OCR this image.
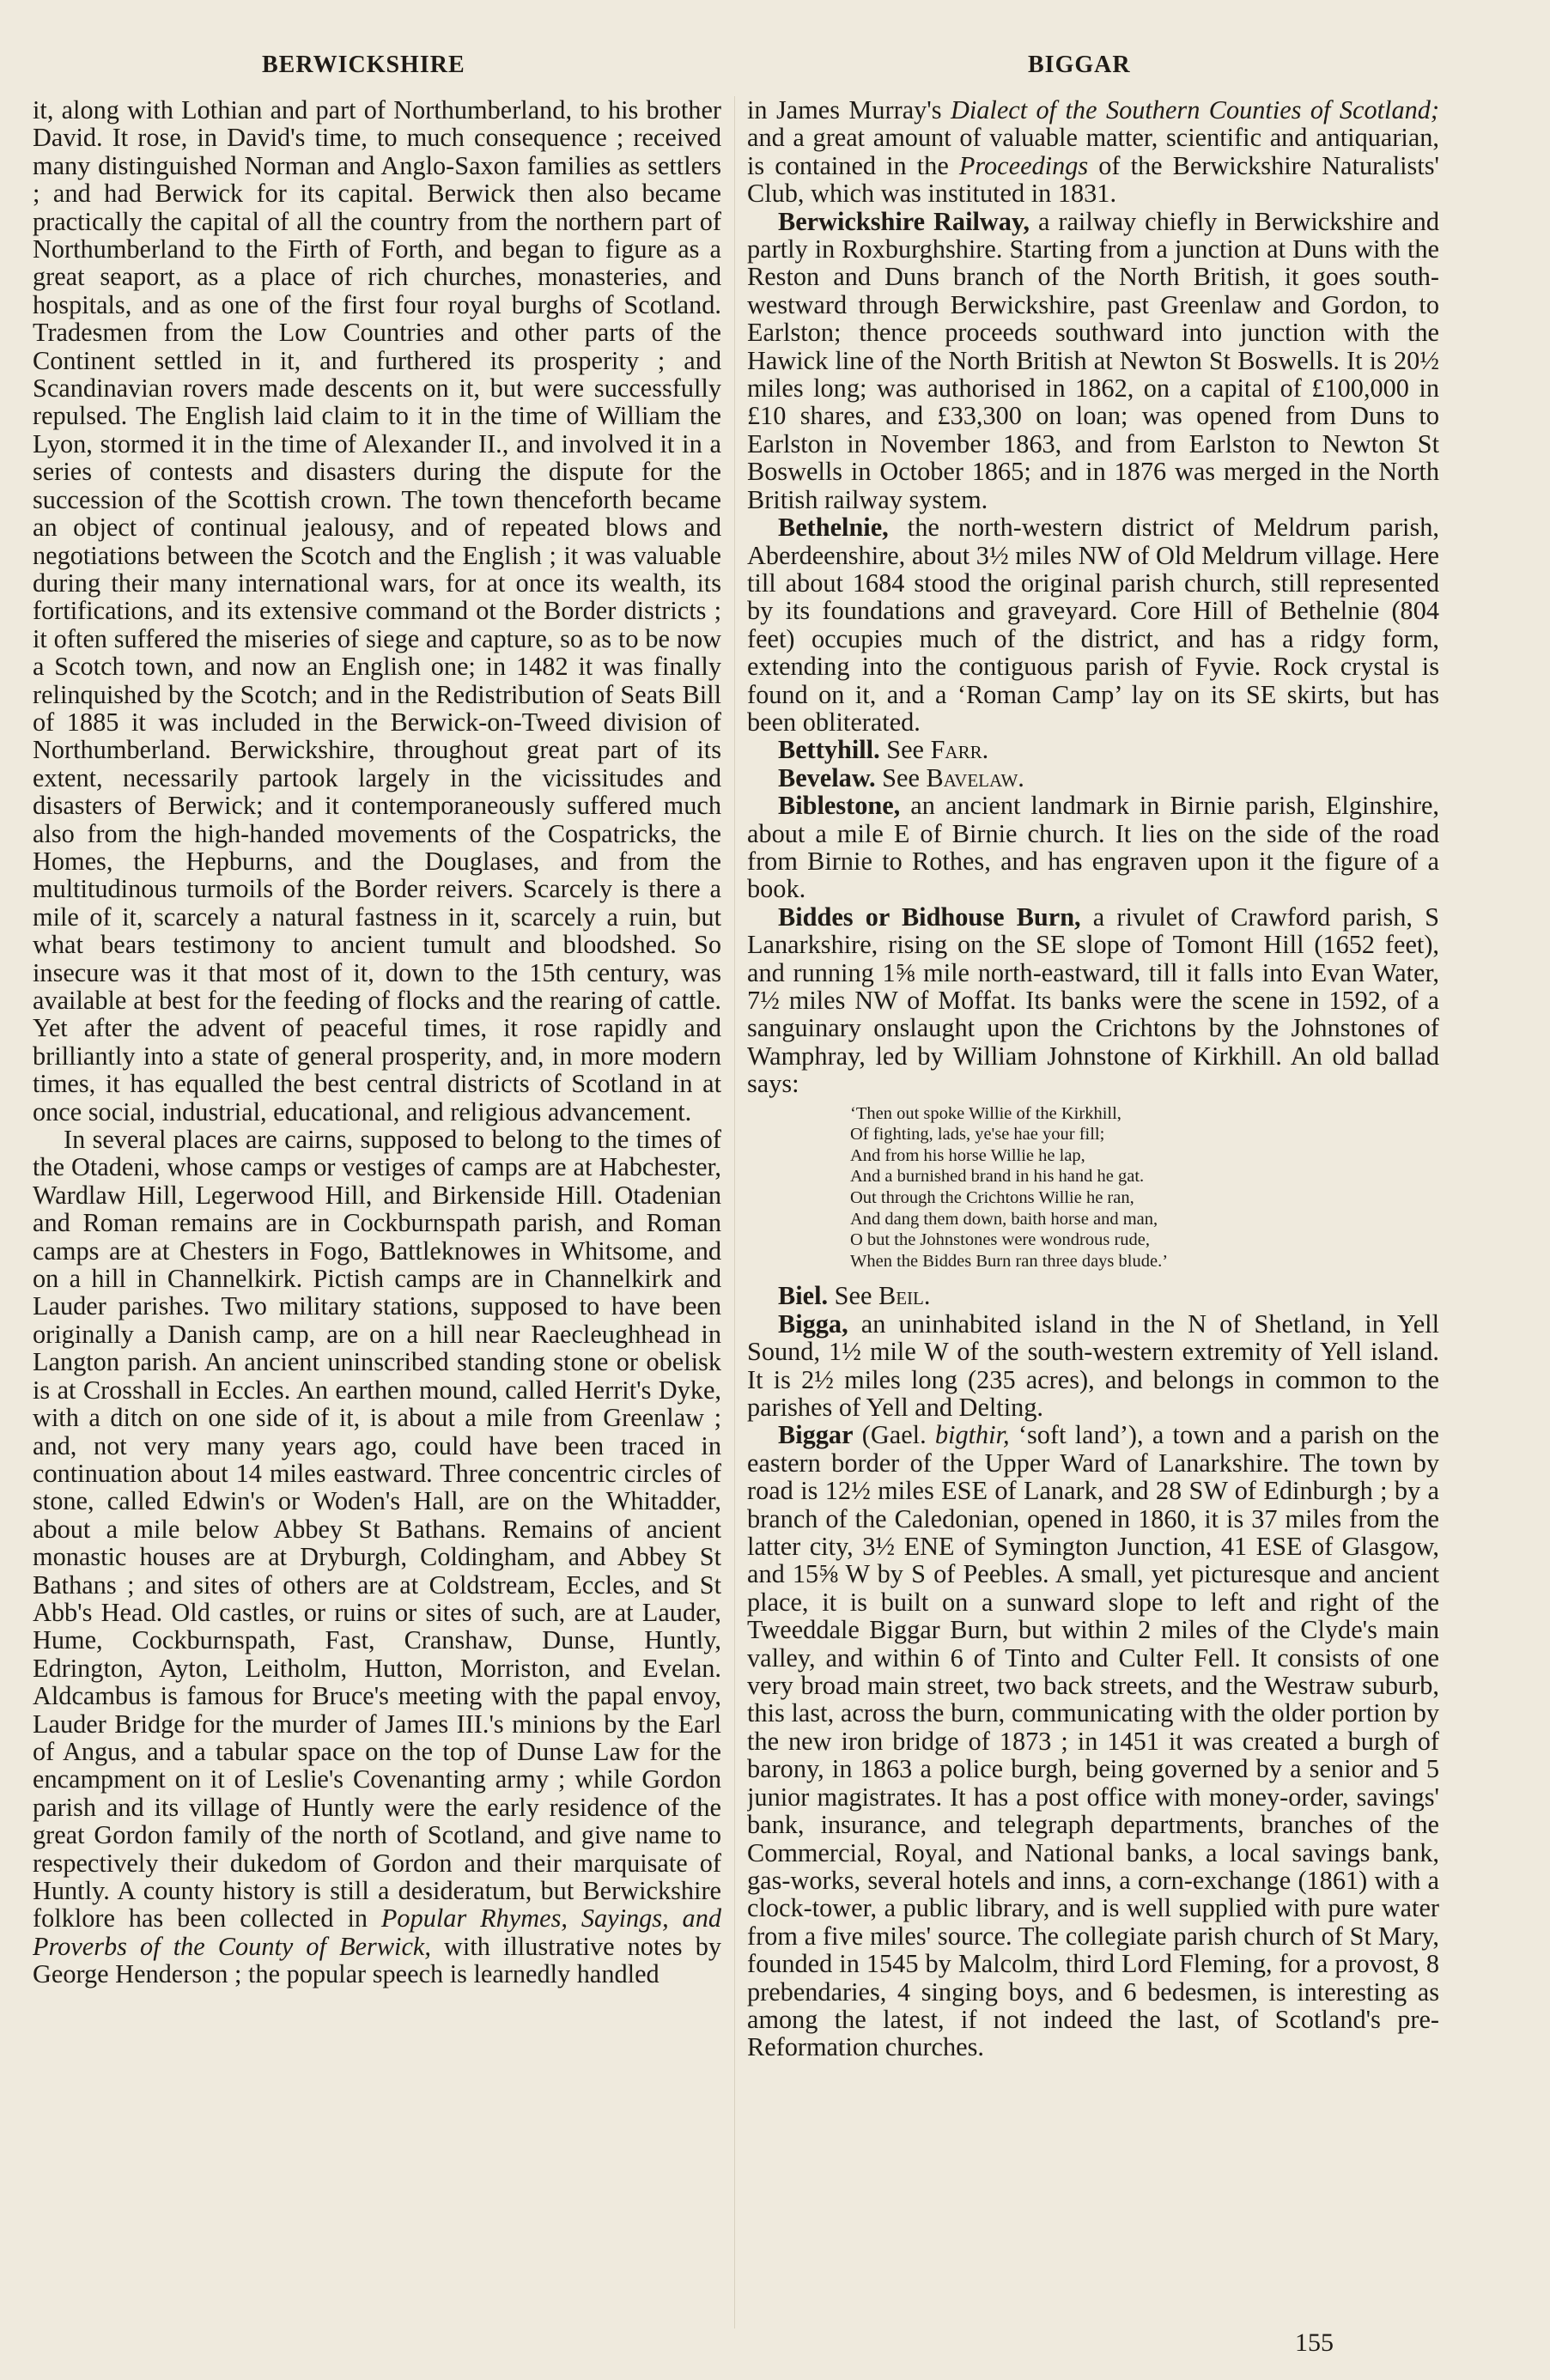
BERWICKSHIRE	BIGGAR

it, along with Lothian and part of Northumberland, to his brother David. It rose, in David's time, to much consequence ; received many distinguished Norman and Anglo-Saxon families as settlers ; and had Berwick for its capital. Berwick then also became practically the capital of all the country from the northern part of Northumberland to the Firth of Forth, and began to figure as a great seaport, as a place of rich churches, monasteries, and hospitals, and as one of the first four royal burghs of Scotland. Tradesmen from the Low Countries and other parts of the Continent settled in it, and furthered its prosperity ; and Scandinavian rovers made descents on it, but were successfully repulsed. The English laid claim to it in the time of William the Lyon, stormed it in the time of Alexander II., and involved it in a series of contests and disasters during the dispute for the succession of the Scottish crown. The town thenceforth became an object of continual jealousy, and of repeated blows and negotiations between the Scotch and the English ; it was valuable during their many international wars, for at once its wealth, its fortifications, and its extensive command ot the Border districts ; it often suffered the miseries of siege and capture, so as to be now a Scotch town, and now an English one; in 1482 it was finally relinquished by the Scotch; and in the Redistribution of Seats Bill of 1885 it was included in the Berwick-on-Tweed division of Northumberland. Berwickshire, throughout great part of its extent, necessarily partook largely in the vicissitudes and disasters of Berwick; and it contemporaneously suffered much also from the high-handed movements of the Cospatricks, the Homes, the Hepburns, and the Douglases, and from the multitudinous turmoils of the Border reivers. Scarcely is there a mile of it, scarcely a natural fastness in it, scarcely a ruin, but what bears testimony to ancient tumult and bloodshed. So insecure was it that most of it, down to the 15th century, was available at best for the feeding of flocks and the rearing of cattle. Yet after the advent of peaceful times, it rose rapidly and brilliantly into a state of general prosperity, and, in more modern times, it has equalled the best central districts of Scotland in at once social, industrial, educational, and religious advancement.

In several places are cairns, supposed to belong to the times of the Otadeni, whose camps or vestiges of camps are at Habchester, Wardlaw Hill, Legerwood Hill, and Birkenside Hill. Otadenian and Roman remains are in Cockburnspath parish, and Roman camps are at Chesters in Fogo, Battleknowes in Whitsome, and on a hill in Channelkirk. Pictish camps are in Channelkirk and Lauder parishes. Two military stations, supposed to have been originally a Danish camp, are on a hill near Raecleughhead in Langton parish. An ancient uninscribed standing stone or obelisk is at Crosshall in Eccles. An earthen mound, called Herrit's Dyke, with a ditch on one side of it, is about a mile from Greenlaw ; and, not very many years ago, could have been traced in continuation about 14 miles eastward. Three concentric circles of stone, called Edwin's or Woden's Hall, are on the Whitadder, about a mile below Abbey St Bathans. Remains of ancient monastic houses are at Dryburgh, Coldingham, and Abbey St Bathans ; and sites of others are at Coldstream, Eccles, and St Abb's Head. Old castles, or ruins or sites of such, are at Lauder, Hume, Cockburnspath, Fast, Cranshaw, Dunse, Huntly, Edrington, Ayton, Leitholm, Hutton, Morriston, and Evelan. Aldcambus is famous for Bruce's meeting with the papal envoy, Lauder Bridge for the murder of James III.'s minions by the Earl of Angus, and a tabular space on the top of Dunse Law for the encampment on it of Leslie's Covenanting army ; while Gordon parish and its village of Huntly were the early residence of the great Gordon family of the north of Scotland, and give name to respectively their dukedom of Gordon and their marquisate of Huntly. A county history is still a desideratum, but Berwickshire folklore has been collected in Popular Rhymes, Sayings, and Proverbs of the County of Berwick, with illustrative notes by George Henderson ; the popular speech is learnedly handled

in James Murray's Dialect of the Southern Counties of Scotland; and a great amount of valuable matter, scientific and antiquarian, is contained in the Proceedings of the Berwickshire Naturalists' Club, which was instituted in 1831.

Berwickshire Railway, a railway chiefly in Berwickshire and partly in Roxburghshire. Starting from a junction at Duns with the Reston and Duns branch of the North British, it goes south-westward through Berwickshire, past Greenlaw and Gordon, to Earlston; thence proceeds southward into junction with the Hawick line of the North British at Newton St Boswells. It is 20½ miles long; was authorised in 1862, on a capital of £100,000 in £10 shares, and £33,300 on loan; was opened from Duns to Earlston in November 1863, and from Earlston to Newton St Boswells in October 1865; and in 1876 was merged in the North British railway system.

Bethelnie, the north-western district of Meldrum parish, Aberdeenshire, about 3½ miles NW of Old Meldrum village. Here till about 1684 stood the original parish church, still represented by its foundations and graveyard. Core Hill of Bethelnie (804 feet) occupies much of the district, and has a ridgy form, extending into the contiguous parish of Fyvie. Rock crystal is found on it, and a ‘Roman Camp’ lay on its SE skirts, but has been obliterated.

Bettyhill. See Farr.

Bevelaw. See Bavelaw.

Biblestone, an ancient landmark in Birnie parish, Elginshire, about a mile E of Birnie church. It lies on the side of the road from Birnie to Rothes, and has engraven upon it the figure of a book.

Biddes or Bidhouse Burn, a rivulet of Crawford parish, S Lanarkshire, rising on the SE slope of Tomont Hill (1652 feet), and running 1⅝ mile north-eastward, till it falls into Evan Water, 7½ miles NW of Moffat. Its banks were the scene in 1592, of a sanguinary onslaught upon the Crichtons by the Johnstones of Wamphray, led by William Johnstone of Kirkhill. An old ballad says:

‘Then out spoke Willie of the Kirkhill,
Of fighting, lads, ye'se hae your fill;
And from his horse Willie he lap,
And a burnished brand in his hand he gat.
Out through the Crichtons Willie he ran,
And dang them down, baith horse and man,
O but the Johnstones were wondrous rude,
When the Biddes Burn ran three days blude.’

Biel. See Beil.

Bigga, an uninhabited island in the N of Shetland, in Yell Sound, 1½ mile W of the south-western extremity of Yell island. It is 2½ miles long (235 acres), and belongs in common to the parishes of Yell and Delting.

Biggar (Gael. bigthir, ‘soft land’), a town and a parish on the eastern border of the Upper Ward of Lanarkshire. The town by road is 12½ miles ESE of Lanark, and 28 SW of Edinburgh ; by a branch of the Caledonian, opened in 1860, it is 37 miles from the latter city, 3½ ENE of Symington Junction, 41 ESE of Glasgow, and 15⅝ W by S of Peebles. A small, yet picturesque and ancient place, it is built on a sunward slope to left and right of the Tweeddale Biggar Burn, but within 2 miles of the Clyde's main valley, and within 6 of Tinto and Culter Fell. It consists of one very broad main street, two back streets, and the Westraw suburb, this last, across the burn, communicating with the older portion by the new iron bridge of 1873 ; in 1451 it was created a burgh of barony, in 1863 a police burgh, being governed by a senior and 5 junior magistrates. It has a post office with money-order, savings' bank, insurance, and telegraph departments, branches of the Commercial, Royal, and National banks, a local savings bank, gas-works, several hotels and inns, a corn-exchange (1861) with a clock-tower, a public library, and is well supplied with pure water from a five miles' source. The collegiate parish church of St Mary, founded in 1545 by Malcolm, third Lord Fleming, for a provost, 8 prebendaries, 4 singing boys, and 6 bedesmen, is interesting as among the latest, if not indeed the last, of Scotland's pre-Reformation churches.

155
